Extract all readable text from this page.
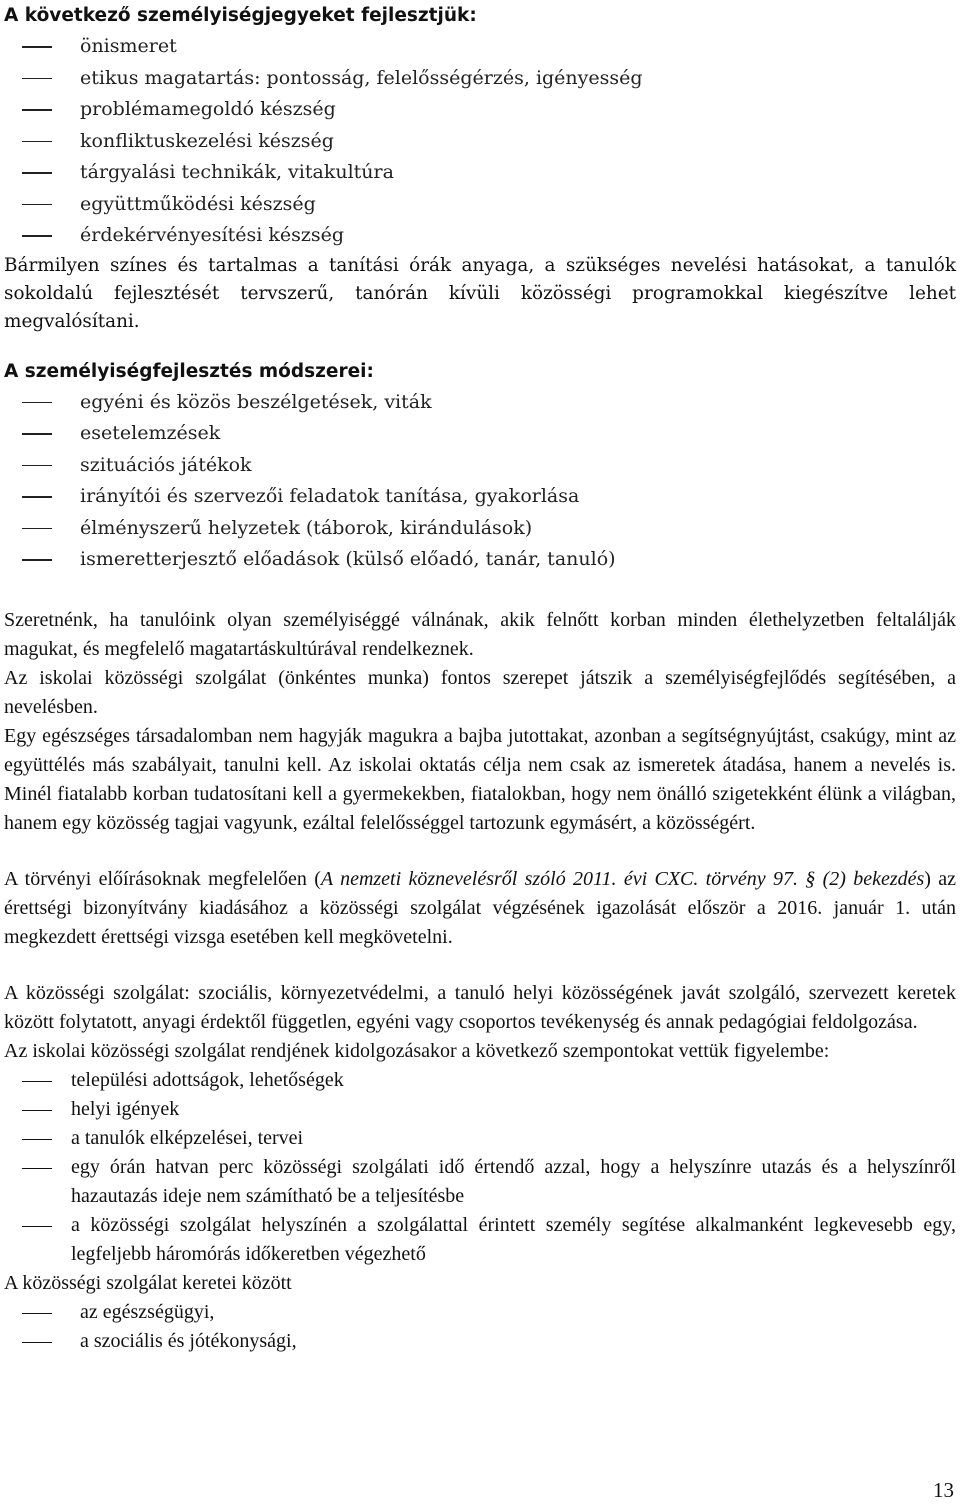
A következő személyiségjegyeket fejlesztjük:

önismeret
etikus magatartás: pontosság, felelősségérzés, igényesség
problémamegoldó készség
konfliktuskezelési készség
tárgyalási technikák, vitakultúra
együttműködési készség
érdekérvényesítési készség

Bármilyen színes és tartalmas a tanítási órák anyaga, a szükséges nevelési hatásokat, a tanulók sokoldalú fejlesztését tervszerű, tanórán kívüli közösségi programokkal kiegészítve lehet megvalósítani.

A személyiségfejlesztés módszerei:

egyéni és közös beszélgetések, viták
esetelemzések
szituációs játékok
irányítói és szervezői feladatok tanítása, gyakorlása
élményszerű helyzetek (táborok, kirándulások)
ismeretterjesztő előadások (külső előadó, tanár, tanuló)

Szeretnénk, ha tanulóink olyan személyiséggé válnának, akik felnőtt korban minden élethelyzetben feltalálják magukat, és megfelelő magatartáskultúrával rendelkeznek.

Az iskolai közösségi szolgálat (önkéntes munka) fontos szerepet játszik a személyiségfejlődés segítésében, a nevelésben.

Egy egészséges társadalomban nem hagyják magukra a bajba jutottakat, azonban a segítségnyújtást, csakúgy, mint az együttélés más szabályait, tanulni kell. Az iskolai oktatás célja nem csak az ismeretek átadása, hanem a nevelés is. Minél fiatalabb korban tudatosítani kell a gyermekekben, fiatalokban, hogy nem önálló szigetekként élünk a világban, hanem egy közösség tagjai vagyunk, ezáltal felelősséggel tartozunk egymásért, a közösségért.

A törvényi előírásoknak megfelelően (A nemzeti köznevelésről szóló 2011. évi CXC. törvény 97. § (2) bekezdés) az érettségi bizonyítvány kiadásához a közösségi szolgálat végzésének igazolását először a 2016. január 1. után megkezdett érettségi vizsga esetében kell megkövetelni.

A közösségi szolgálat: szociális, környezetvédelmi, a tanuló helyi közösségének javát szolgáló, szervezett keretek között folytatott, anyagi érdektől független, egyéni vagy csoportos tevékenység és annak pedagógiai feldolgozása.

Az iskolai közösségi szolgálat rendjének kidolgozásakor a következő szempontokat vettük figyelembe:

települési adottságok, lehetőségek
helyi igények
a tanulók elképzelései, tervei
egy órán hatvan perc közösségi szolgálati idő értendő azzal, hogy a helyszínre utazás és a helyszínről hazautazás ideje nem számítható be a teljesítésbe
a közösségi szolgálat helyszínén a szolgálattal érintett személy segítése alkalmanként legkevesebb egy, legfeljebb háromórás időkeretben végezhető

A közösségi szolgálat keretei között

az egészségügyi,
a szociális és jótékonysági,
13
